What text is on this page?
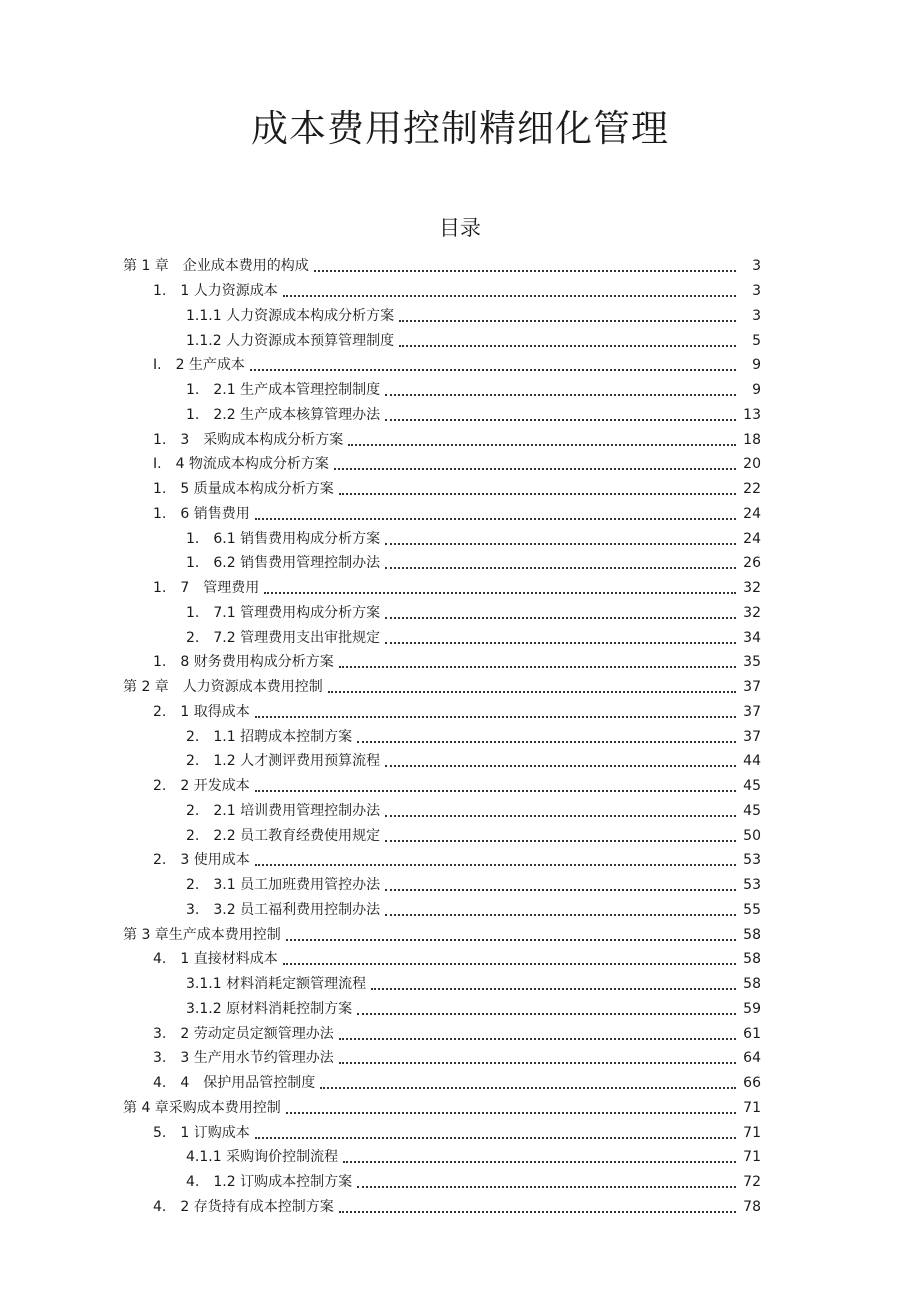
成本费用控制精细化管理
目录
第 1 章　企业成本费用的构成	3
1.　1 人力资源成本	3
1.1.1 人力资源成本构成分析方案	3
1.1.2 人力资源成本预算管理制度	5
I.　2 生产成本	9
1.　2.1 生产成本管理控制制度	9
1.　2.2 生产成本核算管理办法	13
1.　3　采购成本构成分析方案	18
I.　4 物流成本构成分析方案	20
1.　5 质量成本构成分析方案	22
1.　6 销售费用	24
1.　6.1 销售费用构成分析方案	24
1.　6.2 销售费用管理控制办法	26
1.　7　管理费用	32
1.　7.1 管理费用构成分析方案	32
2.　7.2 管理费用支出审批规定	34
1.　8 财务费用构成分析方案	35
第 2 章　人力资源成本费用控制	37
2.　1 取得成本	37
2.　1.1 招聘成本控制方案	37
2.　1.2 人才测评费用预算流程	44
2.　2 开发成本	45
2.　2.1 培训费用管理控制办法	45
2.　2.2 员工教育经费使用规定	50
2.　3 使用成本	53
2.　3.1 员工加班费用管控办法	53
3.　3.2 员工福利费用控制办法	55
第 3 章生产成本费用控制	58
4.　1 直接材料成本	58
3.1.1 材料消耗定额管理流程	58
3.1.2 原材料消耗控制方案	59
3.　2 劳动定员定额管理办法	61
3.　3 生产用水节约管理办法	64
4.　4　保护用品管控制度	66
第 4 章采购成本费用控制	71
5.　1 订购成本	71
4.1.1 采购询价控制流程	71
4.　1.2 订购成本控制方案	72
4.　2 存货持有成本控制方案	78
